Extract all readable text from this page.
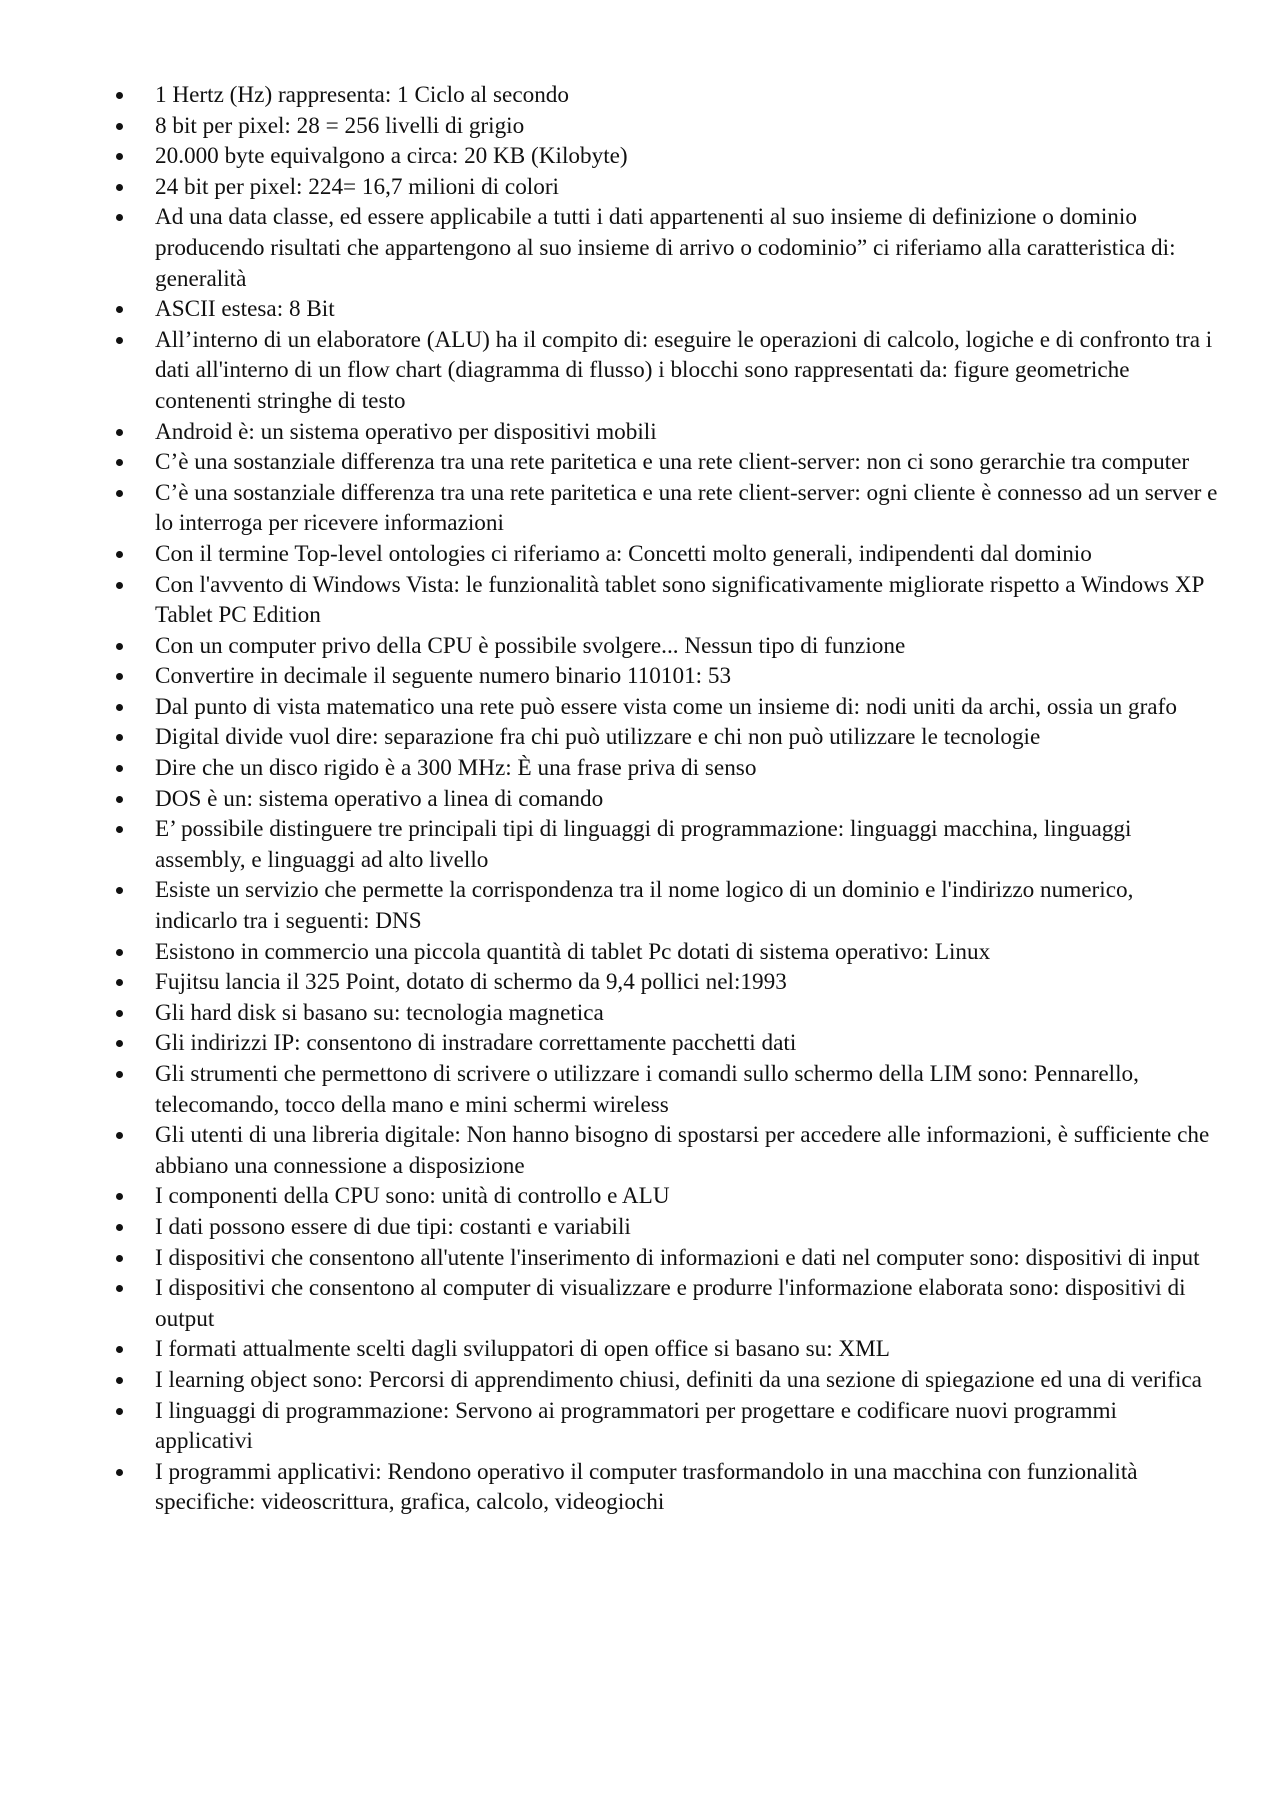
1 Hertz (Hz) rappresenta: 1 Ciclo al secondo
8 bit per pixel: 28 = 256 livelli di grigio
20.000 byte equivalgono a circa: 20 KB (Kilobyte)
24 bit per pixel: 224= 16,7 milioni di colori
Ad una data classe, ed essere applicabile a tutti i dati appartenenti al suo insieme di definizione o dominio producendo risultati che appartengono al suo insieme di arrivo o codominio” ci riferiamo alla caratteristica di: generalità
ASCII estesa: 8 Bit
All’interno di un elaboratore (ALU) ha il compito di: eseguire le operazioni di calcolo, logiche e di confronto tra i dati all'interno di un flow chart (diagramma di flusso) i blocchi sono rappresentati da: figure geometriche contenenti stringhe di testo
Android è: un sistema operativo per dispositivi mobili
C’è una sostanziale differenza tra una rete paritetica e una rete client-server: non ci sono gerarchie tra computer
C’è una sostanziale differenza tra una rete paritetica e una rete client-server: ogni cliente è connesso ad un server e lo interroga per ricevere informazioni
Con il termine Top-level ontologies ci riferiamo a: Concetti molto generali, indipendenti dal dominio
Con l'avvento di Windows Vista: le funzionalità tablet sono significativamente migliorate rispetto a Windows XP Tablet PC Edition
Con un computer privo della CPU è possibile svolgere... Nessun tipo di funzione
Convertire in decimale il seguente numero binario 110101: 53
Dal punto di vista matematico una rete può essere vista come un insieme di: nodi uniti da archi, ossia un grafo
Digital divide vuol dire: separazione fra chi può utilizzare e chi non può utilizzare le tecnologie
Dire che un disco rigido è a 300 MHz: È una frase priva di senso
DOS è un: sistema operativo a linea di comando
E’ possibile distinguere tre principali tipi di linguaggi di programmazione: linguaggi macchina, linguaggi assembly, e linguaggi ad alto livello
Esiste un servizio che permette la corrispondenza tra il nome logico di un dominio e l'indirizzo numerico, indicarlo tra i seguenti: DNS
Esistono in commercio una piccola quantità di tablet Pc dotati di sistema operativo: Linux
Fujitsu lancia il 325 Point, dotato di schermo da 9,4 pollici nel:1993
Gli hard disk si basano su: tecnologia magnetica
Gli indirizzi IP: consentono di instradare correttamente pacchetti dati
Gli strumenti che permettono di scrivere o utilizzare i comandi sullo schermo della LIM sono: Pennarello, telecomando, tocco della mano e mini schermi wireless
Gli utenti di una libreria digitale: Non hanno bisogno di spostarsi per accedere alle informazioni, è sufficiente che abbiano una connessione a disposizione
I componenti della CPU sono: unità di controllo e ALU
I dati possono essere di due tipi: costanti e variabili
I dispositivi che consentono all'utente l'inserimento di informazioni e dati nel computer sono: dispositivi di input
I dispositivi che consentono al computer di visualizzare e produrre l'informazione elaborata sono: dispositivi di output
I formati attualmente scelti dagli sviluppatori di open office si basano su: XML
I learning object sono: Percorsi di apprendimento chiusi, definiti da una sezione di spiegazione ed una di verifica
I linguaggi di programmazione: Servono ai programmatori per progettare e codificare nuovi programmi applicativi
I programmi applicativi: Rendono operativo il computer trasformandolo in una macchina con funzionalità specifiche: videoscrittura, grafica, calcolo, videogiochi
